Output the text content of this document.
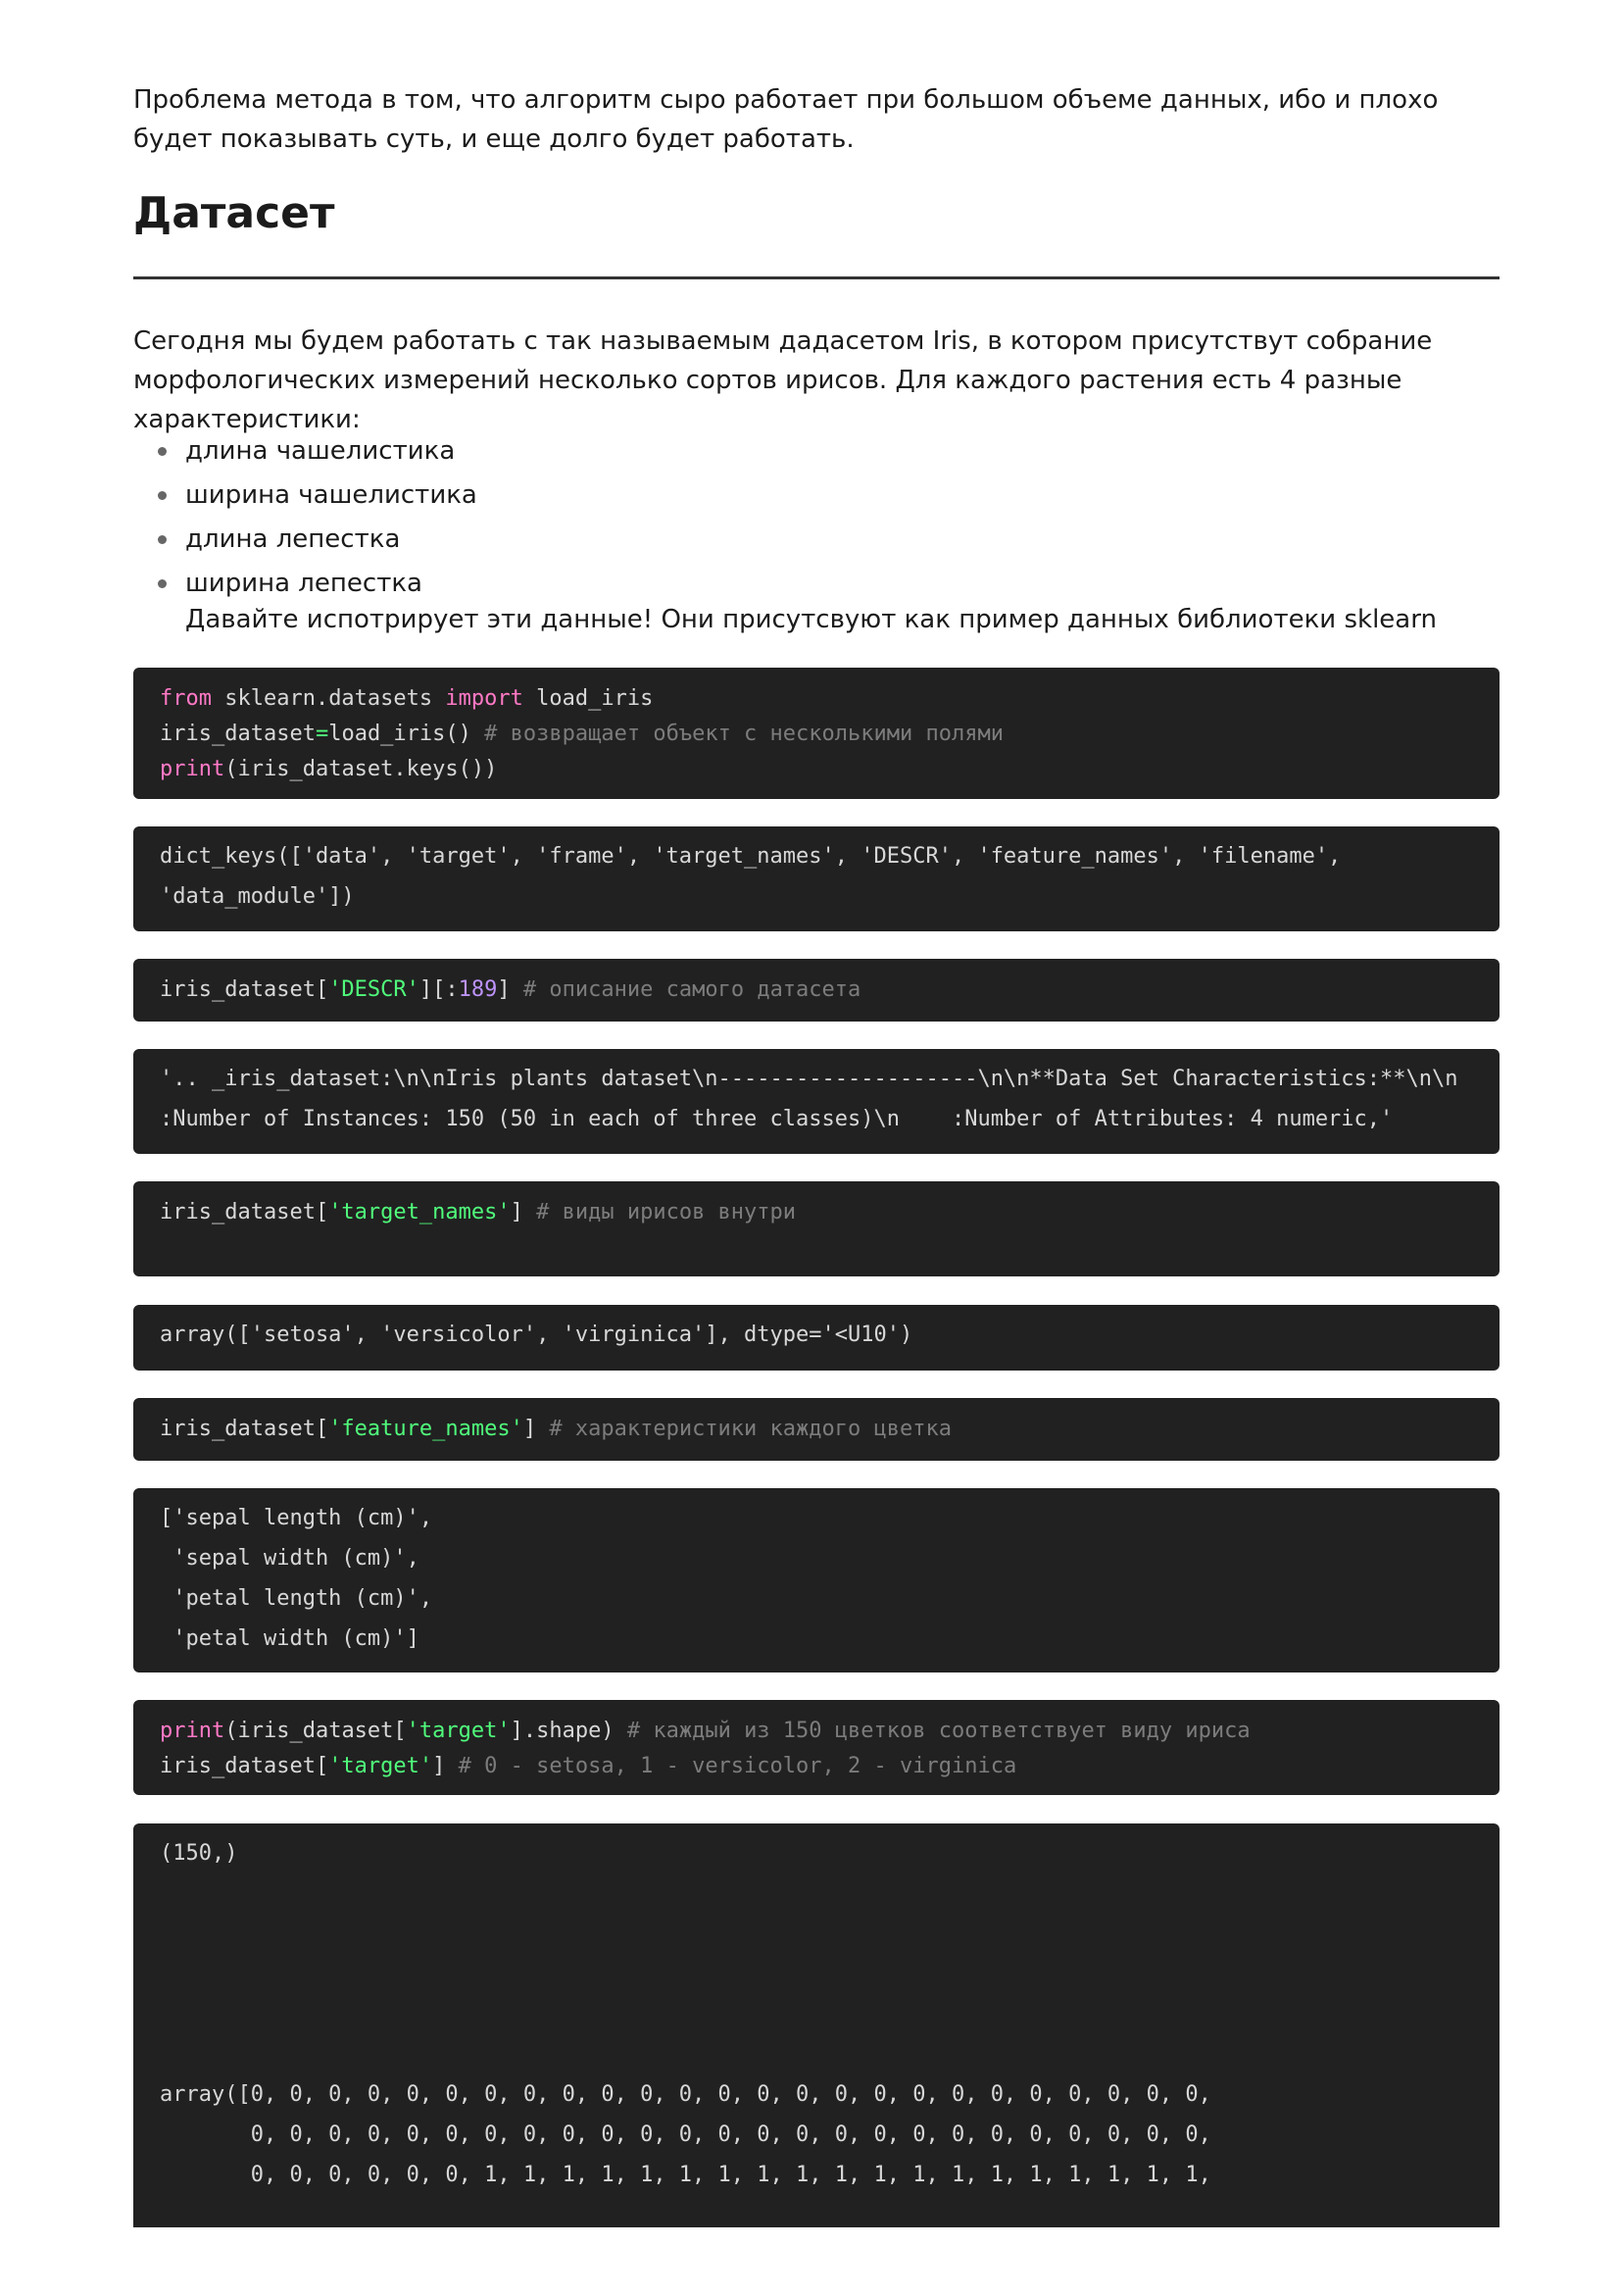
Проблема метода в том, что алгоритм сыро работает при большом объеме данных, ибо и плохо будет показывать суть, и еще долго будет работать.

Датасет

Сегодня мы будем работать с так называемым дадасетом Iris, в котором присутствут собрание морфологических измерений несколько сортов ирисов. Для каждого растения есть 4 разные характеристики:

длина чашелистика
ширина чашелистика
длина лепестка
ширина лепестка
Давайте испотрирует эти данные! Они присутсвуют как пример данных библиотеки sklearn
from sklearn.datasets import load_iris
iris_dataset=load_iris() # возвращает объект с несколькими полями
print(iris_dataset.keys())
dict_keys(['data', 'target', 'frame', 'target_names', 'DESCR', 'feature_names', 'filename',
'data_module'])
iris_dataset['DESCR'][:189] # описание самого датасета
'.. _iris_dataset:\n\nIris plants dataset\n--------------------\n\n**Data Set Characteristics:**\n\n
:Number of Instances: 150 (50 in each of three classes)\n    :Number of Attributes: 4 numeric,'
iris_dataset['target_names'] # виды ирисов внутри
array(['setosa', 'versicolor', 'virginica'], dtype='<U10')
iris_dataset['feature_names'] # характеристики каждого цветка
['sepal length (cm)',
'sepal width (cm)',
'petal length (cm)',
'petal width (cm)']
print(iris_dataset['target'].shape) # каждый из 150 цветков соответствует виду ириса
iris_dataset['target'] # 0 - setosa, 1 - versicolor, 2 - virginica
(150,)
array([0, 0, 0, 0, 0, 0, 0, 0, 0, 0, 0, 0, 0, 0, 0, 0, 0, 0, 0, 0, 0, 0, 0, 0, 0,
0, 0, 0, 0, 0, 0, 0, 0, 0, 0, 0, 0, 0, 0, 0, 0, 0, 0, 0, 0, 0, 0, 0, 0, 0,
0, 0, 0, 0, 0, 0, 1, 1, 1, 1, 1, 1, 1, 1, 1, 1, 1, 1, 1, 1, 1, 1, 1, 1, 1,
